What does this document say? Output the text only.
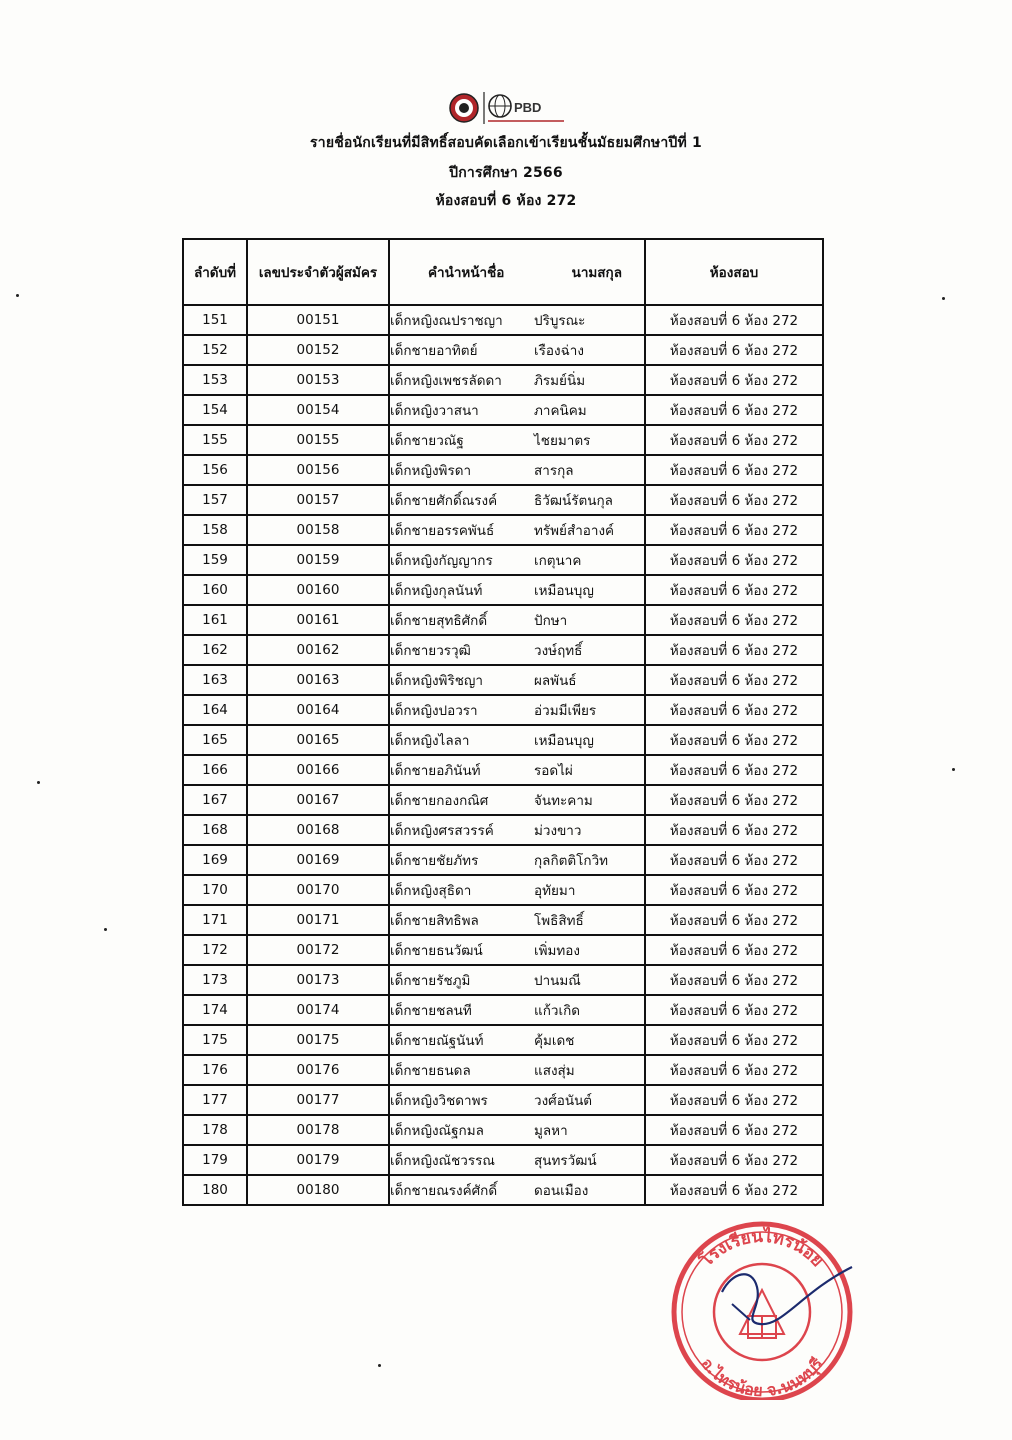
PBD
รายชื่อนักเรียนที่มีสิทธิ์สอบคัดเลือกเข้าเรียนชั้นมัธยมศึกษาปีที่ 1
ปีการศึกษา 2566
ห้องสอบที่ 6 ห้อง 272
ลำดับที่	เลขประจำตัวผู้สมัคร	คำนำหน้าชื่อ นามสกุล	ห้องสอบ
151	00151	เด็กหญิงณปราชญา ปริบูรณะ	ห้องสอบที่ 6 ห้อง 272
152	00152	เด็กชายอาทิตย์ เรืองฉ่าง	ห้องสอบที่ 6 ห้อง 272
153	00153	เด็กหญิงเพชรลัดดา ภิรมย์นิ่ม	ห้องสอบที่ 6 ห้อง 272
154	00154	เด็กหญิงวาสนา ภาคนิคม	ห้องสอบที่ 6 ห้อง 272
155	00155	เด็กชายวณัฐ ไชยมาตร	ห้องสอบที่ 6 ห้อง 272
156	00156	เด็กหญิงพิรดา สารกุล	ห้องสอบที่ 6 ห้อง 272
157	00157	เด็กชายศักดิ์ณรงค์ ธิวัฒน์รัตนกุล	ห้องสอบที่ 6 ห้อง 272
158	00158	เด็กชายอรรคพันธ์ ทรัพย์สำอางค์	ห้องสอบที่ 6 ห้อง 272
159	00159	เด็กหญิงกัญญากร เกตุนาค	ห้องสอบที่ 6 ห้อง 272
160	00160	เด็กหญิงกุลนันท์ เหมือนบุญ	ห้องสอบที่ 6 ห้อง 272
161	00161	เด็กชายสุทธิศักดิ์ ปักษา	ห้องสอบที่ 6 ห้อง 272
162	00162	เด็กชายวรวุฒิ วงษ์ฤทธิ์	ห้องสอบที่ 6 ห้อง 272
163	00163	เด็กหญิงพิริชญา ผลพันธ์	ห้องสอบที่ 6 ห้อง 272
164	00164	เด็กหญิงปอวรา อ่วมมีเพียร	ห้องสอบที่ 6 ห้อง 272
165	00165	เด็กหญิงไลลา เหมือนบุญ	ห้องสอบที่ 6 ห้อง 272
166	00166	เด็กชายอภินันท์ รอดไผ่	ห้องสอบที่ 6 ห้อง 272
167	00167	เด็กชายกองกณิศ จันทะคาม	ห้องสอบที่ 6 ห้อง 272
168	00168	เด็กหญิงศรสวรรค์ ม่วงขาว	ห้องสอบที่ 6 ห้อง 272
169	00169	เด็กชายชัยภัทร กุลกิตติโกวิท	ห้องสอบที่ 6 ห้อง 272
170	00170	เด็กหญิงสุธิดา อุทัยมา	ห้องสอบที่ 6 ห้อง 272
171	00171	เด็กชายสิทธิพล โพธิสิทธิ์	ห้องสอบที่ 6 ห้อง 272
172	00172	เด็กชายธนวัฒน์ เพิ่มทอง	ห้องสอบที่ 6 ห้อง 272
173	00173	เด็กชายรัชภูมิ ปานมณี	ห้องสอบที่ 6 ห้อง 272
174	00174	เด็กชายชลนที แก้วเกิด	ห้องสอบที่ 6 ห้อง 272
175	00175	เด็กชายณัฐนันท์ คุ้มเดช	ห้องสอบที่ 6 ห้อง 272
176	00176	เด็กชายธนดล แสงสุ่ม	ห้องสอบที่ 6 ห้อง 272
177	00177	เด็กหญิงวิชดาพร วงศ์อนันต์	ห้องสอบที่ 6 ห้อง 272
178	00178	เด็กหญิงณัฐกมล มูลหา	ห้องสอบที่ 6 ห้อง 272
179	00179	เด็กหญิงณัชวรรณ สุนทรวัฒน์	ห้องสอบที่ 6 ห้อง 272
180	00180	เด็กชายณรงค์ศักดิ์ ดอนเมือง	ห้องสอบที่ 6 ห้อง 272
โรงเรียนไทรน้อย
อ.ไทรน้อย จ.นนทบุรี
